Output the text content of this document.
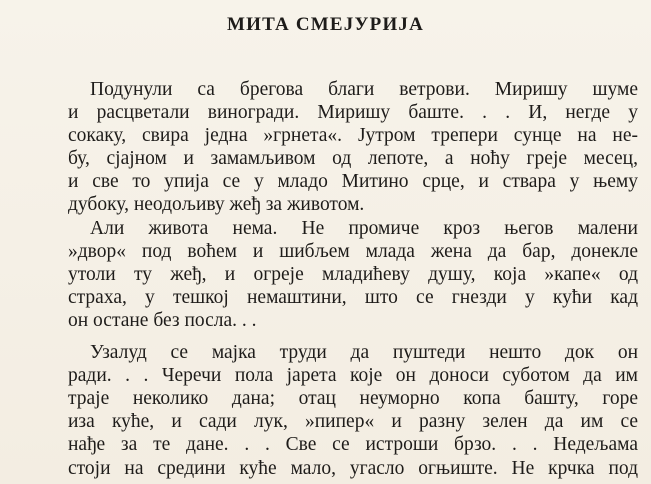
МИТА СМЕЈУРИЈА
Подунули са брегова благи ветрови. Миришу шуме
и расцветали виногради. Миришу баште. . . И, негде у
сокаку, свира једна »грнета«. Јутром трепери сунце на не-
бу, сјајном и замамљивом од лепоте, а ноћу греје месец,
и све то упија се у младо Митино срце, и ствара у њему
дубоку, неодољиву жеђ за животом.
Али живота нема. Не промиче кроз његов малени
»двор« под воћем и шибљем млада жена да бар, донекле
утоли ту жеђ, и огреје младићеву душу, која »капе« од
страха, у тешкој немаштини, што се гнезди у кући кад
он остане без посла. . .
Узалуд се мајка труди да пуштеди нешто док он
ради. . . Черечи пола јарета које он доноси суботом да им
траје неколико дана; отац неуморно копа башту, горе
иза куће, и сади лук, »пипер« и разну зелен да им се
нађе за те дане. . . Све се истроши брзо. . . Недељама
стоји на средини куће мало, угасло огњиште. Не крчка под
